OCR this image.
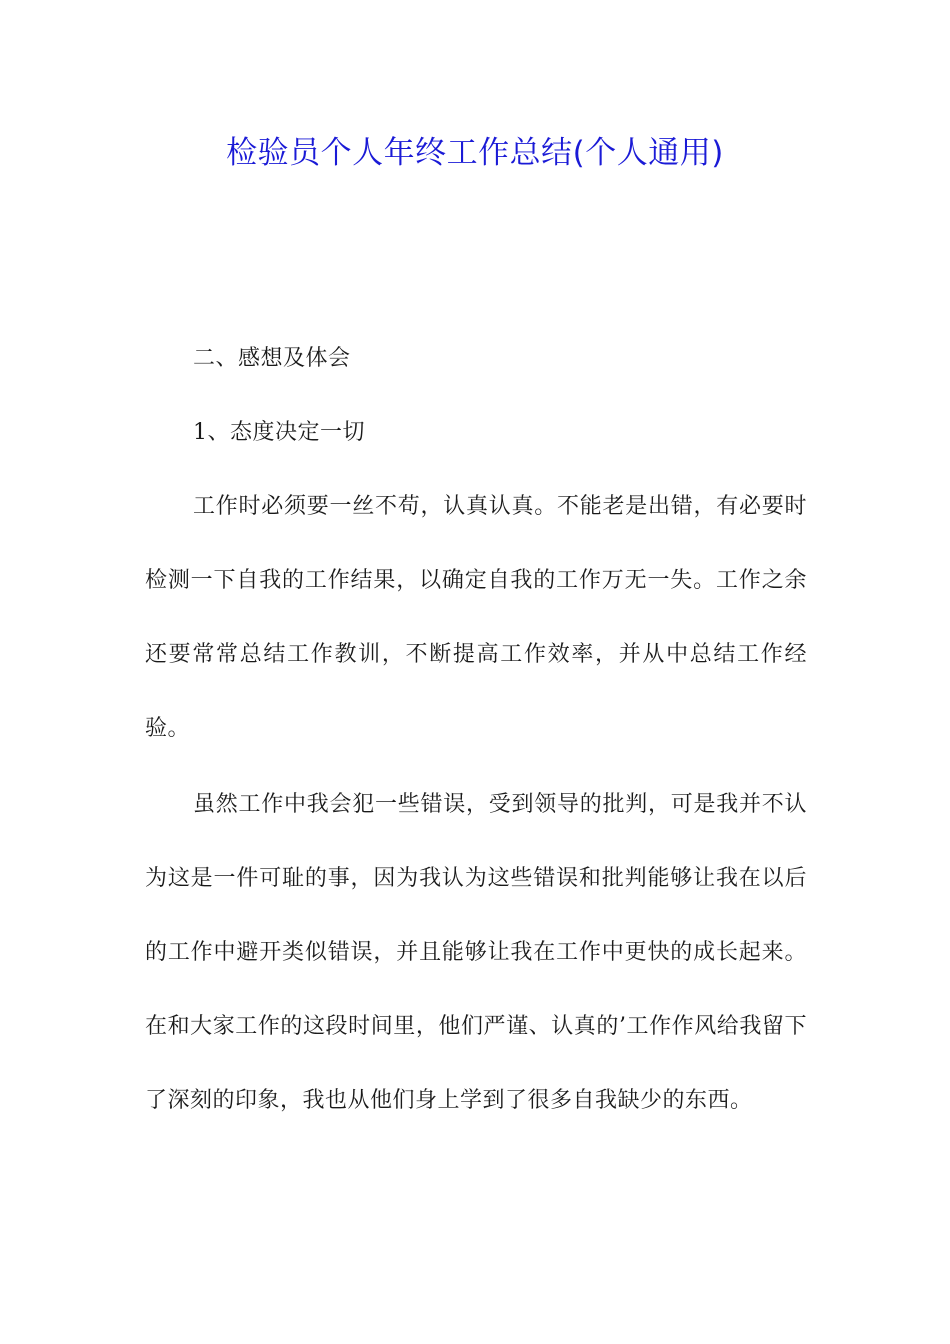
检验员个人年终工作总结(个人通用)

二、感想及体会

1、态度决定一切

工作时必须要一丝不苟，认真认真。不能老是出错，有必要时检测一下自我的工作结果，以确定自我的工作万无一失。工作之余还要常常总结工作教训，不断提高工作效率，并从中总结工作经验。

虽然工作中我会犯一些错误，受到领导的批判，可是我并不认为这是一件可耻的事，因为我认为这些错误和批判能够让我在以后的工作中避开类似错误，并且能够让我在工作中更快的成长起来。在和大家工作的这段时间里，他们严谨、认真的’工作作风给我留下了深刻的印象，我也从他们身上学到了很多自我缺少的东西。
